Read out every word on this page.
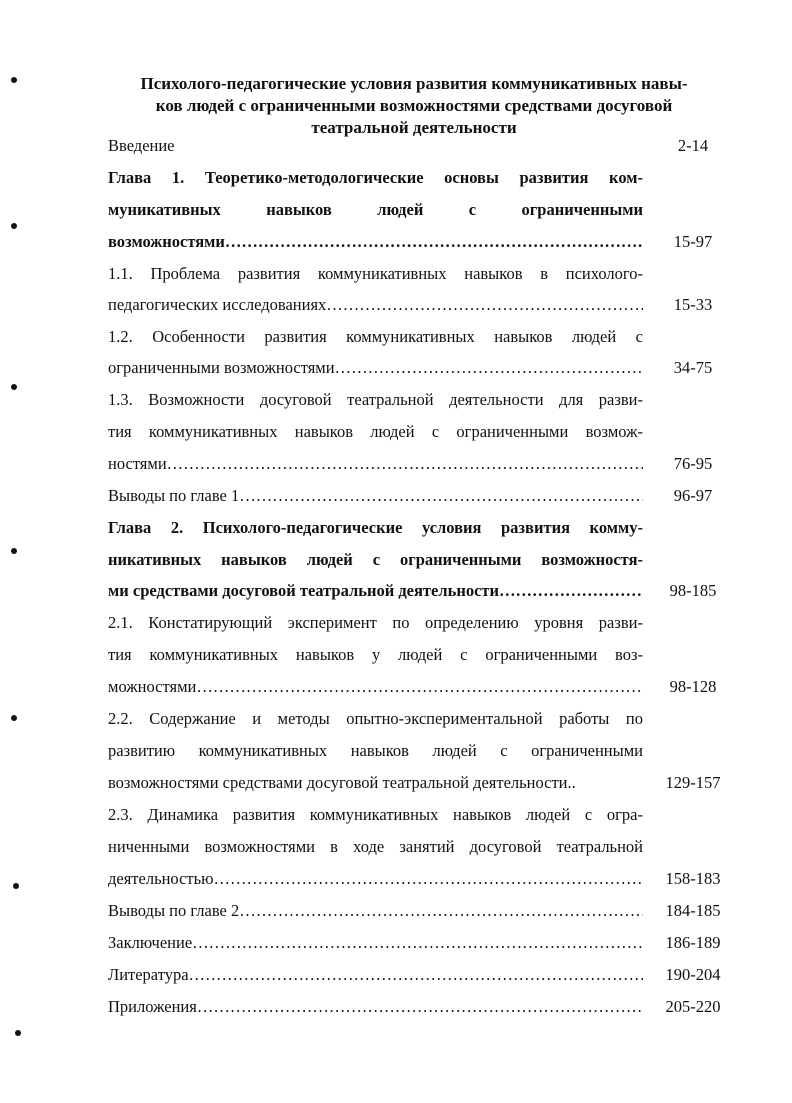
Психолого-педагогические условия развития коммуникативных навы-
ков людей с ограниченными возможностями средствами досуговой
театральной деятельности
Введение	2-14
Глава 1. Теоретико-методологические основы развития ком-
муникативных навыков людей с ограниченными
возможностями ……………………………………………………………………………………………………………………………………………………………………	15-97
1.1. Проблема развития коммуникативных навыков в психолого-
педагогических исследованиях ……………………………………………………………………………………………………………………………………………………………………	15-33
1.2. Особенности развития коммуникативных навыков людей с
ограниченными возможностями ……………………………………………………………………………………………………………………………………………………………………	34-75
1.3. Возможности досуговой театральной деятельности для разви-
тия коммуникативных навыков людей с ограниченными возмож-
ностями ……………………………………………………………………………………………………………………………………………………………………	76-95
Выводы по главе 1 ……………………………………………………………………………………………………………………………………………………………………	96-97
Глава 2. Психолого-педагогические условия развития комму-
никативных навыков людей с ограниченными возможностя-
ми средствами досуговой театральной деятельности ……………………………………………………………………………………………………………………………………………………………………	98-185
2.1. Констатирующий эксперимент по определению уровня разви-
тия коммуникативных навыков у людей с ограниченными воз-
можностями ……………………………………………………………………………………………………………………………………………………………………	98-128
2.2. Содержание и методы опытно-экспериментальной работы по
развитию коммуникативных навыков людей с ограниченными
возможностями средствами досуговой театральной деятельности..	129-157
2.3. Динамика развития коммуникативных навыков людей с огра-
ниченными возможностями в ходе занятий досуговой театральной
деятельностью ……………………………………………………………………………………………………………………………………………………………………	158-183
Выводы по главе 2 ……………………………………………………………………………………………………………………………………………………………………	184-185
Заключение ……………………………………………………………………………………………………………………………………………………………………	186-189
Литература ……………………………………………………………………………………………………………………………………………………………………	190-204
Приложения ……………………………………………………………………………………………………………………………………………………………………	205-220
